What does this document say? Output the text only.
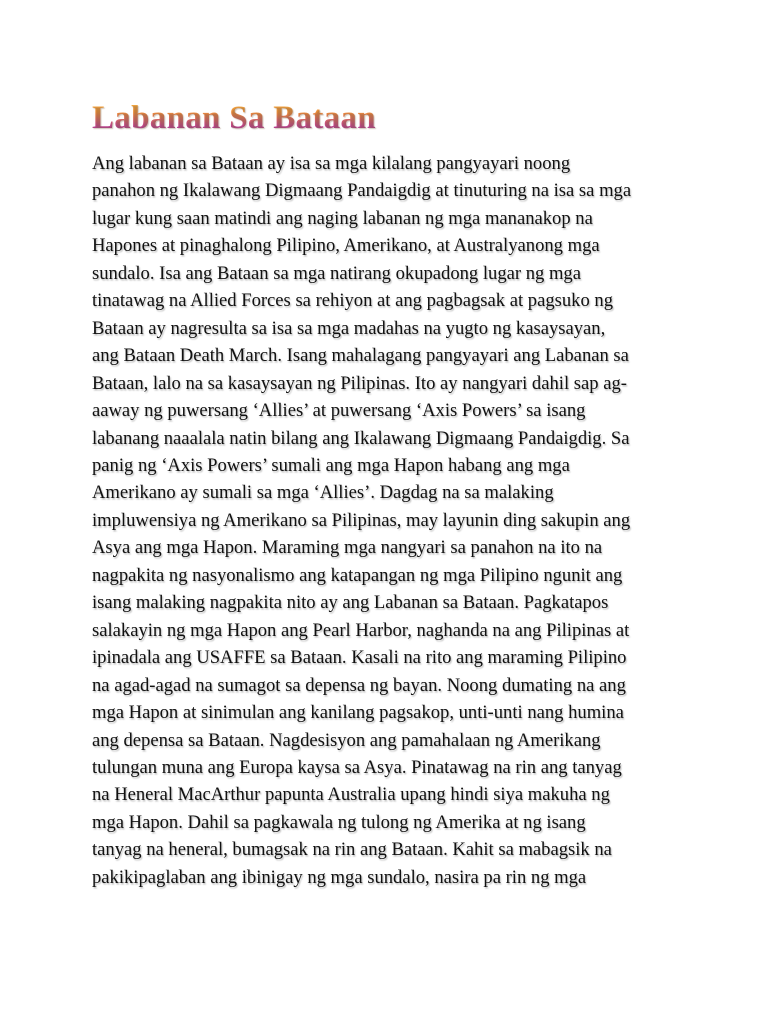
Labanan Sa Bataan
Ang labanan sa Bataan ay isa sa mga kilalang pangyayari noong
panahon ng Ikalawang Digmaang Pandaigdig at tinuturing na isa sa mga
lugar kung saan matindi ang naging labanan ng mga mananakop na
Hapones at pinaghalong Pilipino, Amerikano, at Australyanong mga
sundalo. Isa ang Bataan sa mga natirang okupadong lugar ng mga
tinatawag na Allied Forces sa rehiyon at ang pagbagsak at pagsuko ng
Bataan ay nagresulta sa isa sa mga madahas na yugto ng kasaysayan,
ang Bataan Death March. Isang mahalagang pangyayari ang Labanan sa
Bataan, lalo na sa kasaysayan ng Pilipinas. Ito ay nangyari dahil sap ag-
aaway ng puwersang ‘Allies’ at puwersang ‘Axis Powers’ sa isang
labanang naaalala natin bilang ang Ikalawang Digmaang Pandaigdig. Sa
panig ng ‘Axis Powers’ sumali ang mga Hapon habang ang mga
Amerikano ay sumali sa mga ‘Allies’. Dagdag na sa malaking
impluwensiya ng Amerikano sa Pilipinas, may layunin ding sakupin ang
Asya ang mga Hapon. Maraming mga nangyari sa panahon na ito na
nagpakita ng nasyonalismo ang katapangan ng mga Pilipino ngunit ang
isang malaking nagpakita nito ay ang Labanan sa Bataan. Pagkatapos
salakayin ng mga Hapon ang Pearl Harbor, naghanda na ang Pilipinas at
ipinadala ang USAFFE sa Bataan. Kasali na rito ang maraming Pilipino
na agad-agad na sumagot sa depensa ng bayan. Noong dumating na ang
mga Hapon at sinimulan ang kanilang pagsakop, unti-unti nang humina
ang depensa sa Bataan. Nagdesisyon ang pamahalaan ng Amerikang
tulungan muna ang Europa kaysa sa Asya. Pinatawag na rin ang tanyag
na Heneral MacArthur papunta Australia upang hindi siya makuha ng
mga Hapon. Dahil sa pagkawala ng tulong ng Amerika at ng isang
tanyag na heneral, bumagsak na rin ang Bataan. Kahit sa mabagsik na
pakikipaglaban ang ibinigay ng mga sundalo, nasira pa rin ng mga
